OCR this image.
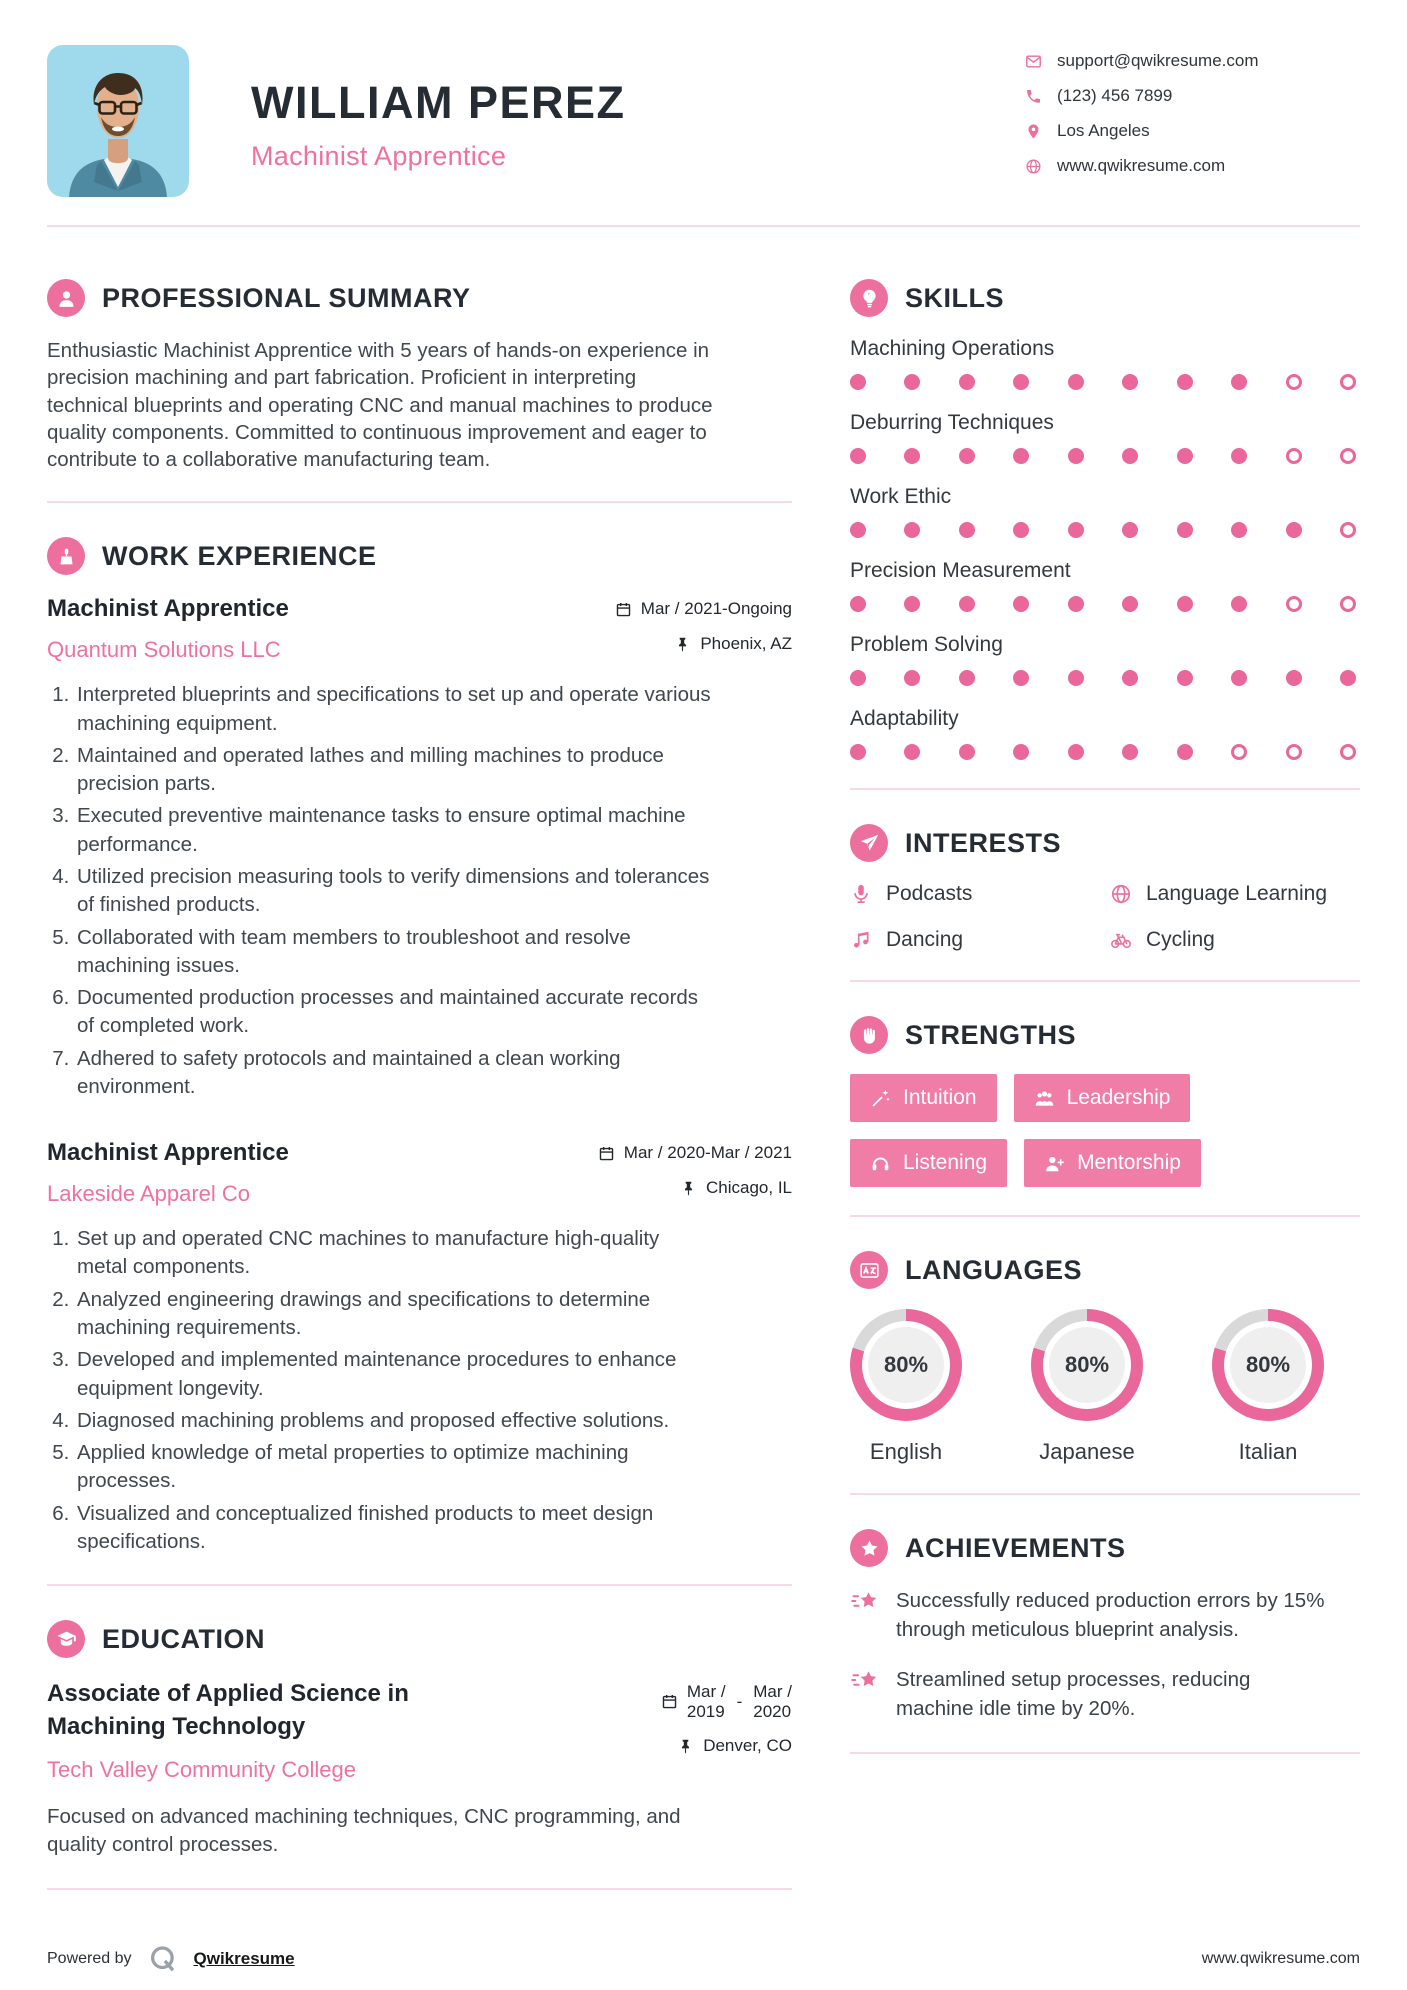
WILLIAM PEREZ
Machinist Apprentice
support@qwikresume.com
(123) 456 7899
Los Angeles
www.qwikresume.com
PROFESSIONAL SUMMARY

Enthusiastic Machinist Apprentice with 5 years of hands-on experience in precision machining and part fabrication. Proficient in interpreting technical blueprints and operating CNC and manual machines to produce quality components. Committed to continuous improvement and eager to contribute to a collaborative manufacturing team.

WORK EXPERIENCE
Machinist Apprentice
Quantum Solutions LLC
Mar / 2021-Ongoing
Phoenix, AZ
1. Interpreted blueprints and specifications to set up and operate various machining equipment.
2. Maintained and operated lathes and milling machines to produce precision parts.
3. Executed preventive maintenance tasks to ensure optimal machine performance.
4. Utilized precision measuring tools to verify dimensions and tolerances of finished products.
5. Collaborated with team members to troubleshoot and resolve machining issues.
6. Documented production processes and maintained accurate records of completed work.
7. Adhered to safety protocols and maintained a clean working environment.
Machinist Apprentice
Lakeside Apparel Co
Mar / 2020-Mar / 2021
Chicago, IL
1. Set up and operated CNC machines to manufacture high-quality metal components.
2. Analyzed engineering drawings and specifications to determine machining requirements.
3. Developed and implemented maintenance procedures to enhance equipment longevity.
4. Diagnosed machining problems and proposed effective solutions.
5. Applied knowledge of metal properties to optimize machining processes.
6. Visualized and conceptualized finished products to meet design specifications.
EDUCATION
Associate of Applied Science in Machining Technology
Tech Valley Community College
Mar /
2019
-
Mar /
2020
Denver, CO

Focused on advanced machining techniques, CNC programming, and quality control processes.

SKILLS
Machining Operations
Deburring Techniques
Work Ethic
Precision Measurement
Problem Solving
Adaptability
INTERESTS
Podcasts	Language Learning
Dancing	Cycling
STRENGTHS
Intuition	Leadership
Listening	Mentorship
LANGUAGES
80%
English
80%
Japanese
80%
Italian
ACHIEVEMENTS
Successfully reduced production errors by 15% through meticulous blueprint analysis.
Streamlined setup processes, reducing machine idle time by 20%.
Powered by	Qwikresume	www.qwikresume.com
